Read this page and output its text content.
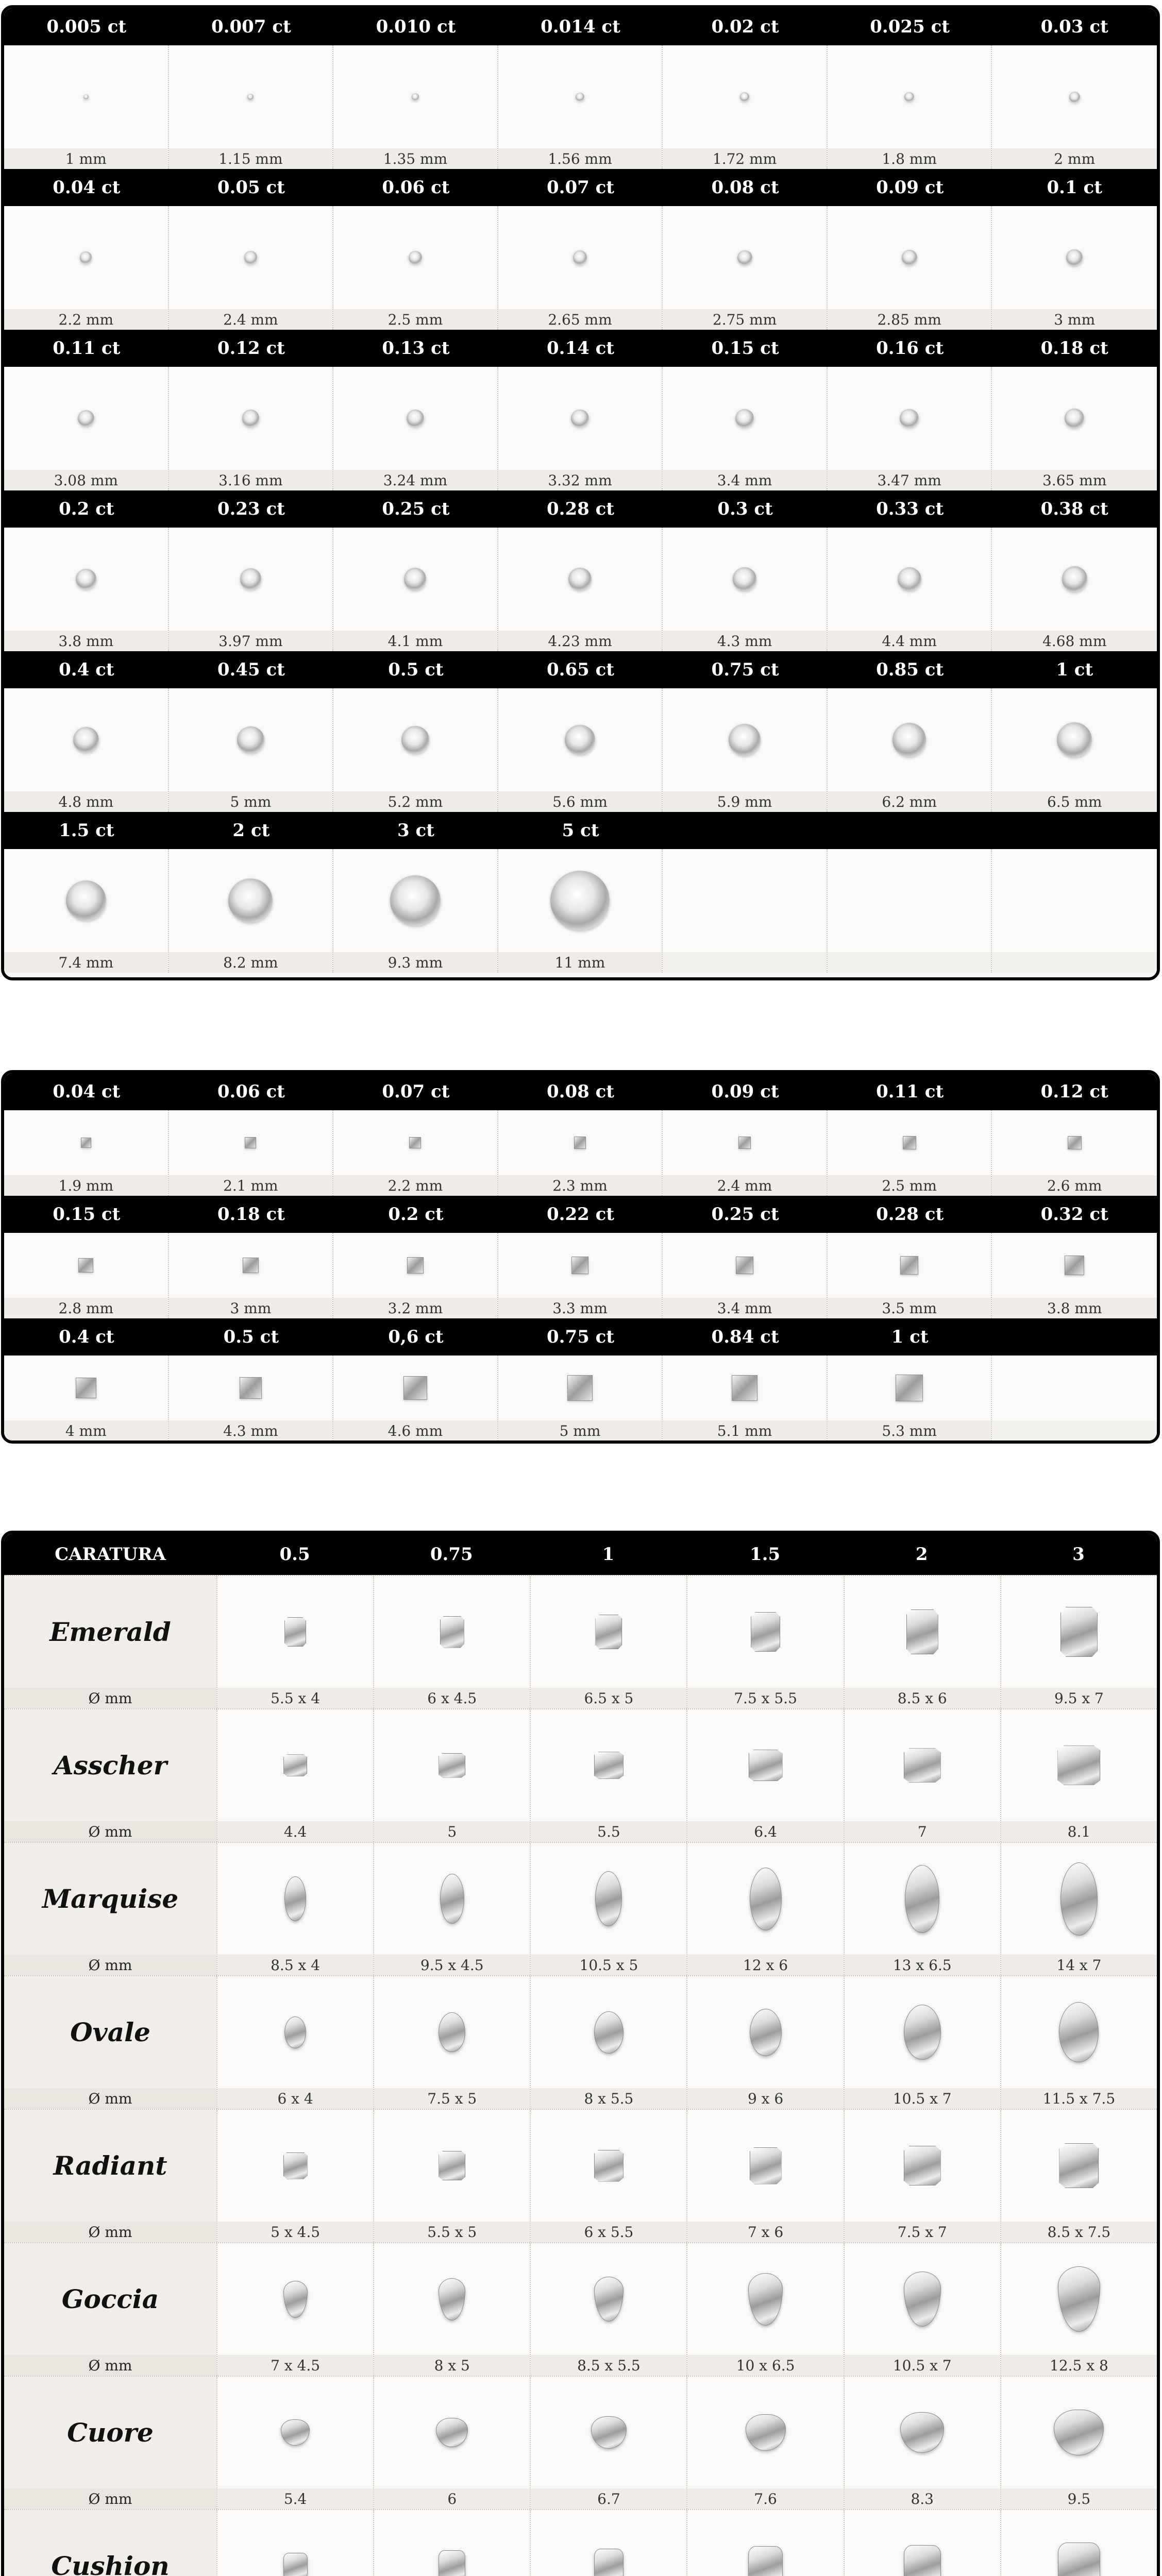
0.005 ct	0.007 ct	0.010 ct	0.014 ct	0.02 ct	0.025 ct	0.03 ct
1 mm	1.15 mm	1.35 mm	1.56 mm	1.72 mm	1.8 mm	2 mm
0.04 ct	0.05 ct	0.06 ct	0.07 ct	0.08 ct	0.09 ct	0.1 ct
2.2 mm	2.4 mm	2.5 mm	2.65 mm	2.75 mm	2.85 mm	3 mm
0.11 ct	0.12 ct	0.13 ct	0.14 ct	0.15 ct	0.16 ct	0.18 ct
3.08 mm	3.16 mm	3.24 mm	3.32 mm	3.4 mm	3.47 mm	3.65 mm
0.2 ct	0.23 ct	0.25 ct	0.28 ct	0.3 ct	0.33 ct	0.38 ct
3.8 mm	3.97 mm	4.1 mm	4.23 mm	4.3 mm	4.4 mm	4.68 mm
0.4 ct	0.45 ct	0.5 ct	0.65 ct	0.75 ct	0.85 ct	1 ct
4.8 mm	5 mm	5.2 mm	5.6 mm	5.9 mm	6.2 mm	6.5 mm
1.5 ct	2 ct	3 ct	5 ct
7.4 mm	8.2 mm	9.3 mm	11 mm
0.04 ct	0.06 ct	0.07 ct	0.08 ct	0.09 ct	0.11 ct	0.12 ct
1.9 mm	2.1 mm	2.2 mm	2.3 mm	2.4 mm	2.5 mm	2.6 mm
0.15 ct	0.18 ct	0.2 ct	0.22 ct	0.25 ct	0.28 ct	0.32 ct
2.8 mm	3 mm	3.2 mm	3.3 mm	3.4 mm	3.5 mm	3.8 mm
0.4 ct	0.5 ct	0,6 ct	0.75 ct	0.84 ct	1 ct
4 mm	4.3 mm	4.6 mm	5 mm	5.1 mm	5.3 mm
CARATURA	0.5	0.75	1	1.5	2	3
Emerald
Ø mm	5.5 x 4	6 x 4.5	6.5 x 5	7.5 x 5.5	8.5 x 6	9.5 x 7
Asscher
Ø mm	4.4	5	5.5	6.4	7	8.1
Marquise
Ø mm	8.5 x 4	9.5 x 4.5	10.5 x 5	12 x 6	13 x 6.5	14 x 7
Ovale
Ø mm	6 x 4	7.5 x 5	8 x 5.5	9 x 6	10.5 x 7	11.5 x 7.5
Radiant
Ø mm	5 x 4.5	5.5 x 5	6 x 5.5	7 x 6	7.5 x 7	8.5 x 7.5
Goccia
Ø mm	7 x 4.5	8 x 5	8.5 x 5.5	10 x 6.5	10.5 x 7	12.5 x 8
Cuore
Ø mm	5.4	6	6.7	7.6	8.3	9.5
Cushion
